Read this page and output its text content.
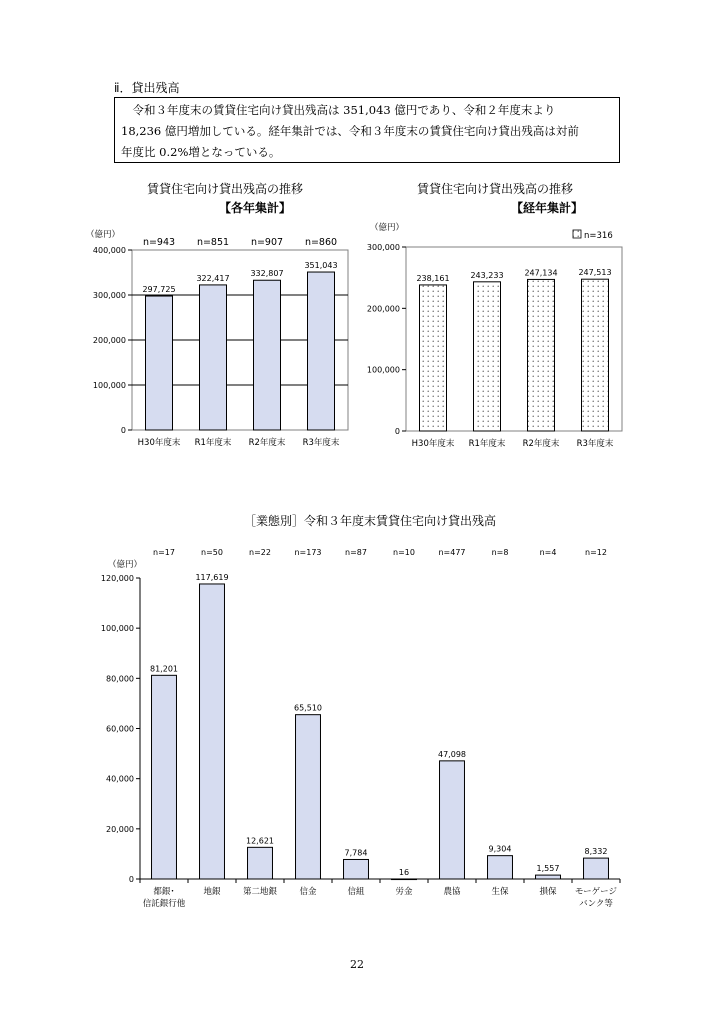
ⅱ．貸出残高

令和３年度末の賃貸住宅向け貸出残高は 351,043 億円であり、令和２年度末より

18,236 億円増加している。経年集計では、令和３年度末の賃貸住宅向け貸出残高は対前

年度比 0.2%増となっている。

賃貸住宅向け貸出残高の推移
【各年集計】
（億円）
0
100,000
200,000
300,000
400,000
297,725
322,417
332,807
351,043
n=943 n=851 n=907 n=860
H30年度末 R1年度末 R2年度末 R3年度末
賃貸住宅向け貸出残高の推移
【経年集計】
（億円）
n=316
0
100,000
200,000
300,000
238,161	243,233	247,134	247,513
H30年度末 R1年度末 R2年度末 R3年度末
［業態別］令和３年度末賃貸住宅向け貸出残高
（億円）
0
20,000
40,000
60,000
80,000
100,000
120,000
81,201
117,619
12,621
65,510
7,784
16
47,098
9,304
1,557
8,332
n=17	n=50	n=22	n=173	n=87	n=10	n=477	n=8	n=4	n=12
都銀･
信託銀行他
地銀	第二地銀	信金	信組	労金	農協	生保	損保 モーゲージ
バンク等
22
